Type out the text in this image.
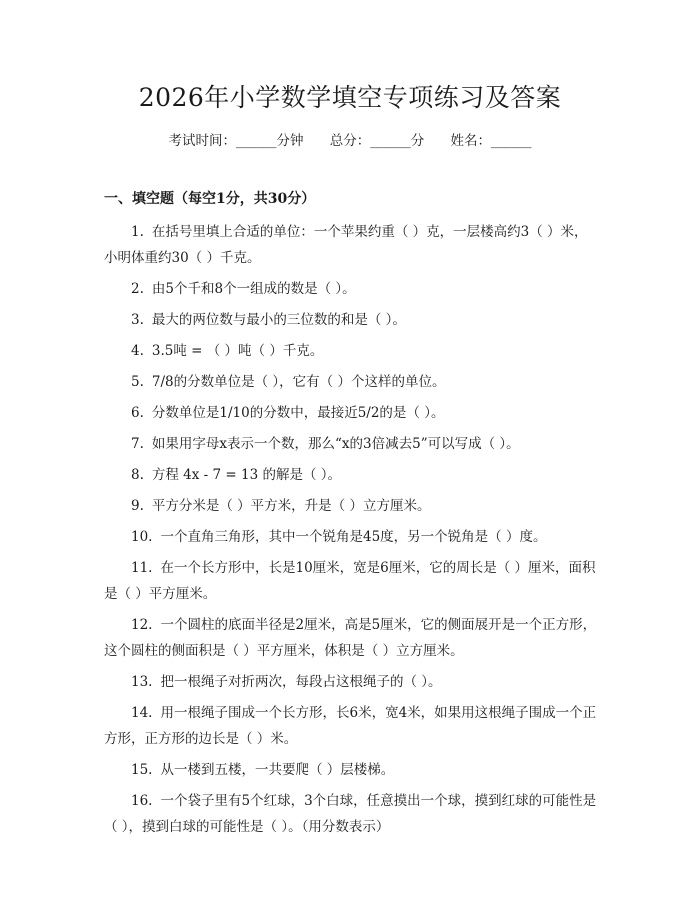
2026年小学数学填空专项练习及答案
考试时间：______分钟 总分：______分 姓名：______
一、填空题（每空1分，共30分）

1. 在括号里填上合适的单位：一个苹果约重（ ）克，一层楼高约3（ ）米，小明体重约30（ ）千克。

2. 由5个千和8个一组成的数是（ ）。

3. 最大的两位数与最小的三位数的和是（ ）。

4. 3.5吨 = （ ）吨（ ）千克。

5. 7/8的分数单位是（ ），它有（ ）个这样的单位。

6. 分数单位是1/10的分数中，最接近5/2的是（ ）。

7. 如果用字母x表示一个数，那么“x的3倍减去5”可以写成（ ）。

8. 方程 4x - 7 = 13 的解是（ ）。

9. 平方分米是（ ）平方米，升是（ ）立方厘米。

10. 一个直角三角形，其中一个锐角是45度，另一个锐角是（ ）度。

11. 在一个长方形中，长是10厘米，宽是6厘米，它的周长是（ ）厘米，面积是（ ）平方厘米。

12. 一个圆柱的底面半径是2厘米，高是5厘米，它的侧面展开是一个正方形，这个圆柱的侧面积是（ ）平方厘米，体积是（ ）立方厘米。

13. 把一根绳子对折两次，每段占这根绳子的（ ）。

14. 用一根绳子围成一个长方形，长6米，宽4米，如果用这根绳子围成一个正方形，正方形的边长是（ ）米。

15. 从一楼到五楼，一共要爬（ ）层楼梯。

16. 一个袋子里有5个红球，3个白球，任意摸出一个球，摸到红球的可能性是（ ），摸到白球的可能性是（ ）。（用分数表示）
